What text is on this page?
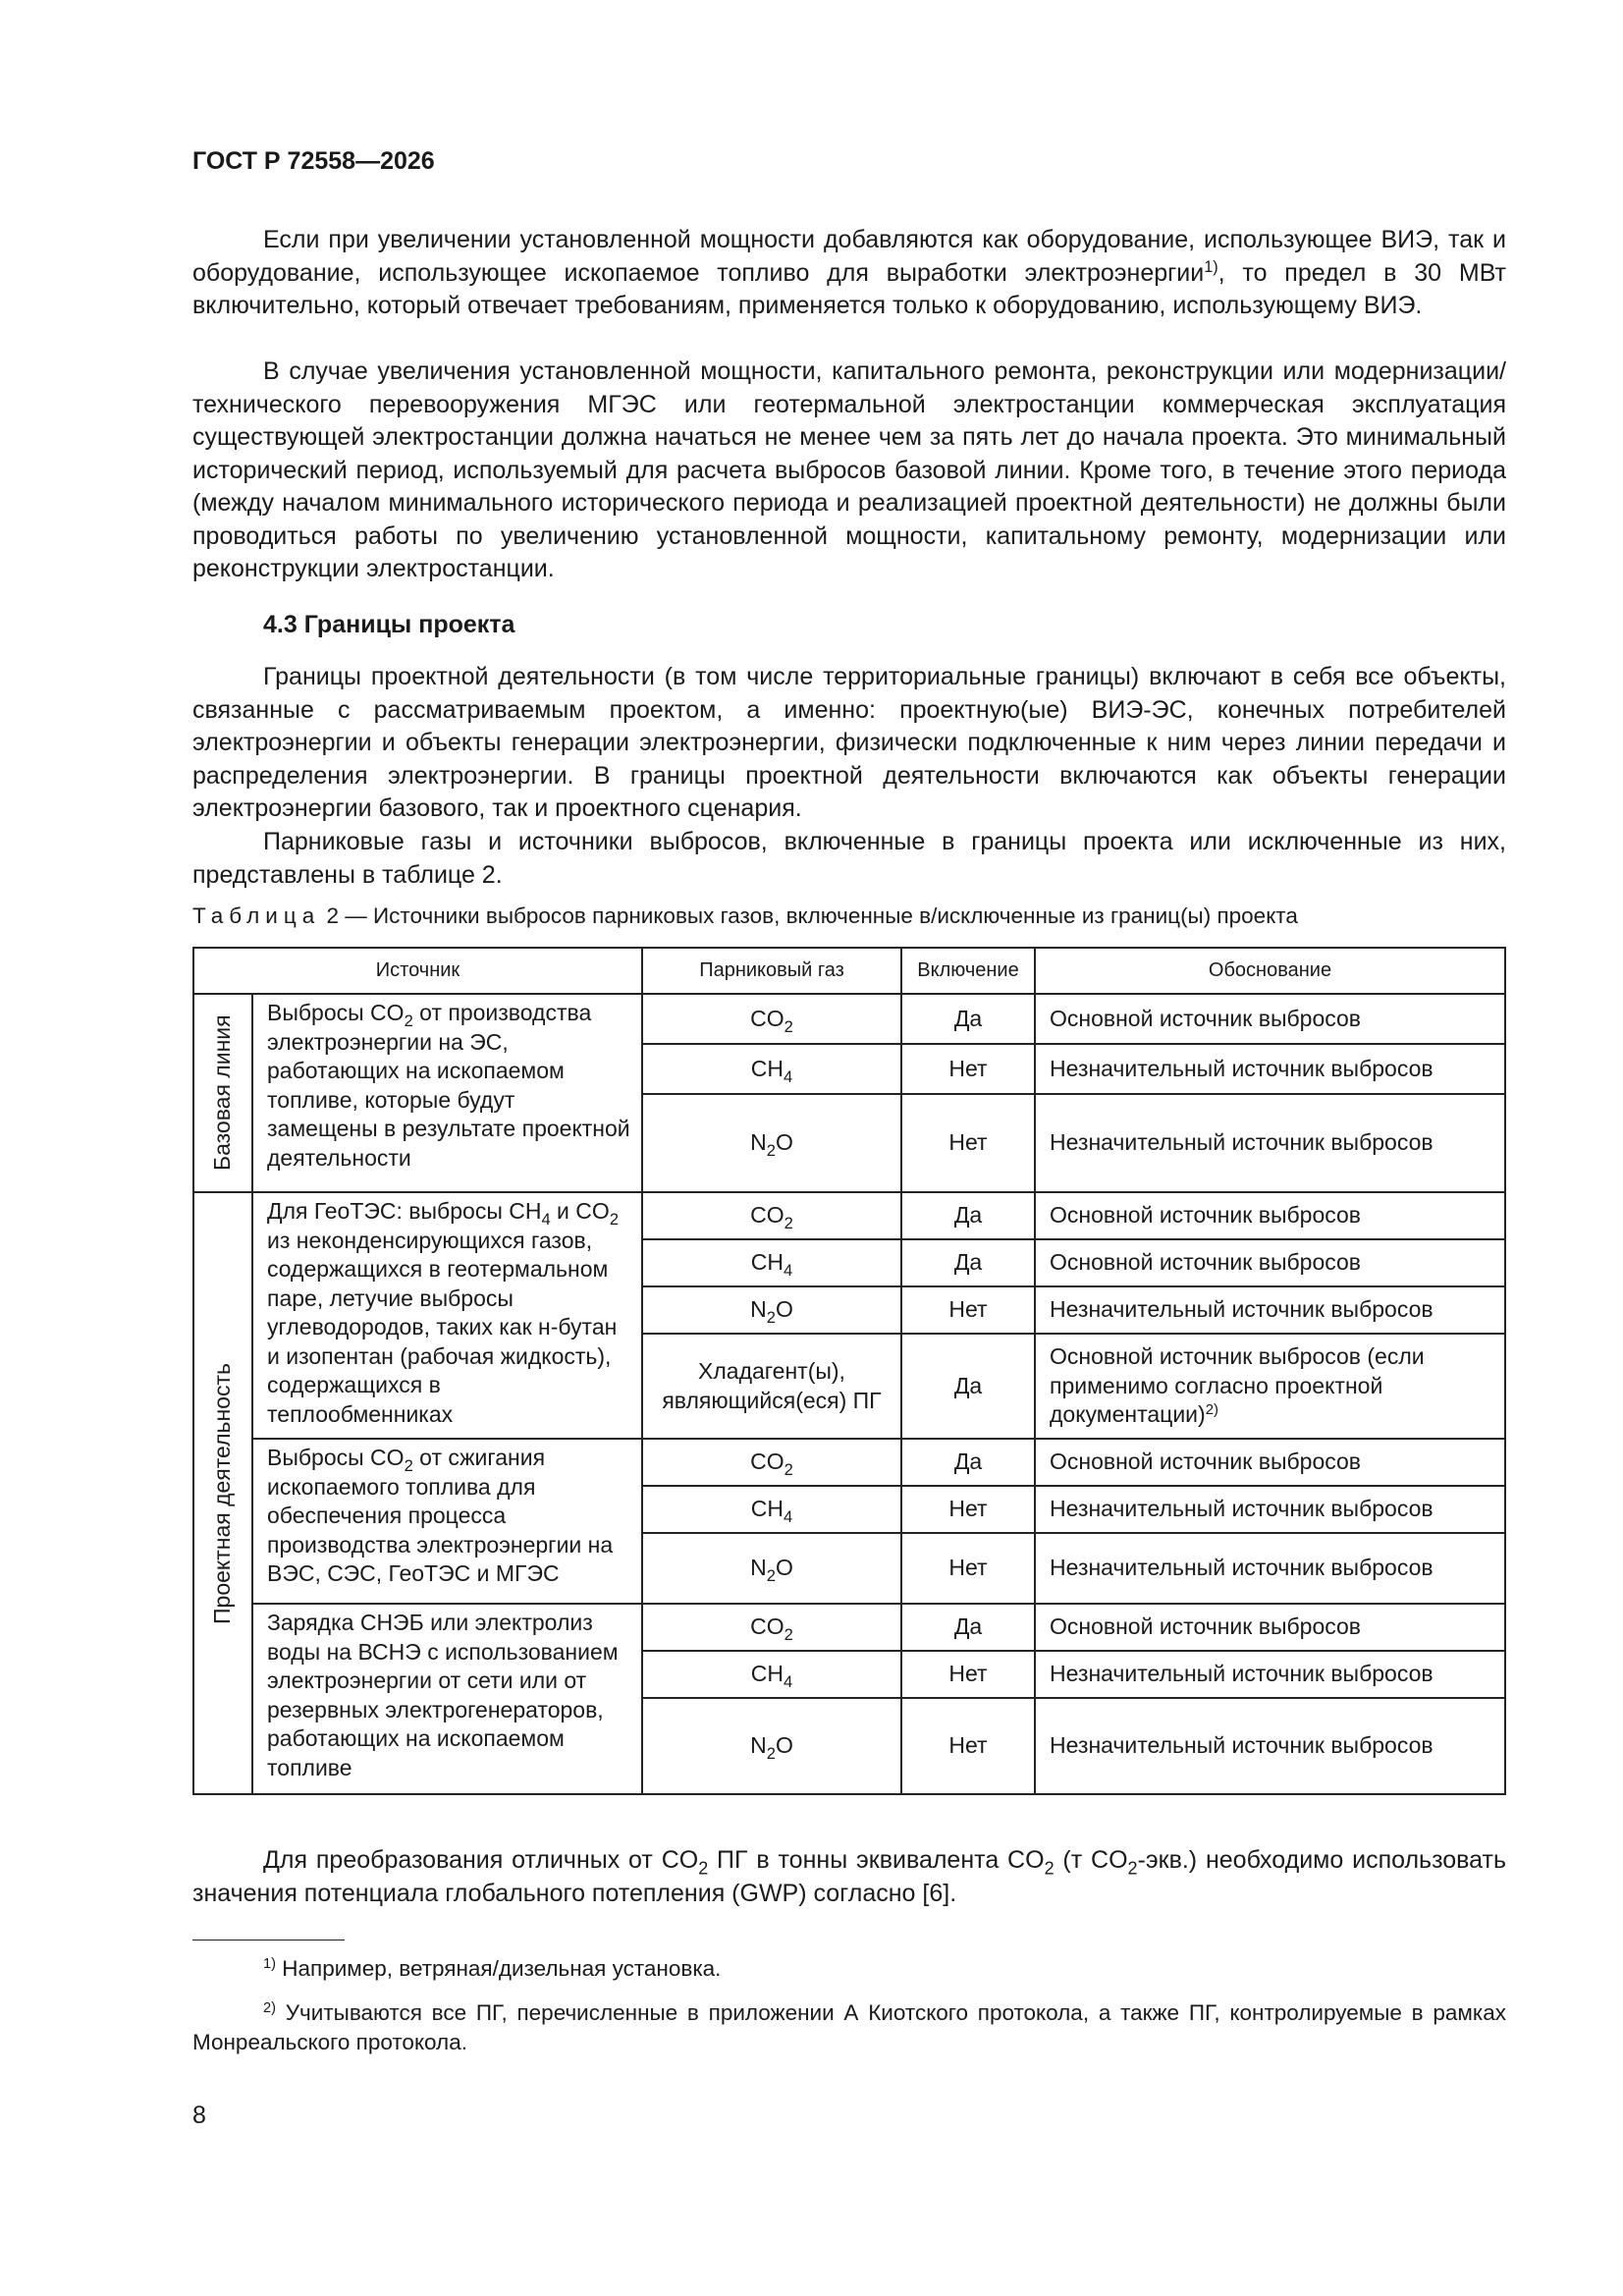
ГОСТ Р 72558—2026

Если при увеличении установленной мощности добавляются как оборудование, использующее ВИЭ, так и оборудование, использующее ископаемое топливо для выработки электроэнергии$^{1)}$, то предел в 30 МВт включительно, который отвечает требованиям, применяется только к оборудованию, использующему ВИЭ.

В случае увеличения установленной мощности, капитального ремонта, реконструкции или модернизации/технического перевооружения МГЭС или геотермальной электростанции коммерческая эксплуатация существующей электростанции должна начаться не менее чем за пять лет до начала проекта. Это минимальный исторический период, используемый для расчета выбросов базовой линии. Кроме того, в течение этого периода (между началом минимального исторического периода и реализацией проектной деятельности) не должны были проводиться работы по увеличению установленной мощности, капитальному ремонту, модернизации или реконструкции электростанции.

4.3 Границы проекта

Границы проектной деятельности (в том числе территориальные границы) включают в себя все объекты, связанные с рассматриваемым проектом, а именно: проектную(ые) ВИЭ-ЭС, конечных потребителей электроэнергии и объекты генерации электроэнергии, физически подключенные к ним через линии передачи и распределения электроэнергии. В границы проектной деятельности включаются как объекты генерации электроэнергии базового, так и проектного сценария.

Парниковые газы и источники выбросов, включенные в границы проекта или исключенные из них, представлены в таблице 2.

Таблица 2 — Источники выбросов парниковых газов, включенные в/исключенные из границ(ы) проекта
Источник		Парниковый газ	Включение	Обоснование

Базовая линия	Выбросы $CO_2$ от производства электроэнергии на ЭС, работающих на ископаемом топливе, которые будут замещены в результате проектной деятельности	$CO_2$	Да	Основной источник выбросов
		$CH_4$	Нет	Незначительный источник выбросов
		$N_2O$	Нет	Незначительный источник выбросов

Проектная деятельность	Для ГеоТЭС: выбросы $CH_4$ и $CO_2$ из неконденсирующихся газов, содержащихся в геотермальном паре, летучие выбросы углеводородов, таких как н-бутан и изопентан (рабочая жидкость), содержащихся в теплообменниках	$CO_2$	Да	Основной источник выбросов
		$CH_4$	Да	Основной источник выбросов
		$N_2O$	Нет	Незначительный источник выбросов
		Хладагент(ы), являющийся(еся) ПГ	Да	Основной источник выбросов (если применимо согласно проектной документации)$^{2)}$
	Выбросы $CO_2$ от сжигания ископаемого топлива для обеспечения процесса производства электроэнергии на ВЭС, СЭС, ГеоТЭС и МГЭС	$CO_2$	Да	Основной источник выбросов
		$CH_4$	Нет	Незначительный источник выбросов
		$N_2O$	Нет	Незначительный источник выбросов
	Зарядка СНЭБ или электролиз воды на ВСНЭ с использованием электроэнергии от сети или от резервных электрогенераторов, работающих на ископаемом топливе	$CO_2$	Да	Основной источник выбросов
		$CH_4$	Нет	Незначительный источник выбросов
		$N_2O$	Нет	Незначительный источник выбросов

Для преобразования отличных от $CO_2$ ПГ в тонны эквивалента $CO_2$ (т $CO_2-экв$.) необходимо использовать значения потенциала глобального потепления (GWP) согласно [6].

$^{1)}$ Например, ветряная/дизельная установка.

$^{2)}$ Учитываются все ПГ, перечисленные в приложении А Киотского протокола, а также ПГ, контролируемые в рамках Монреальского протокола.

8
